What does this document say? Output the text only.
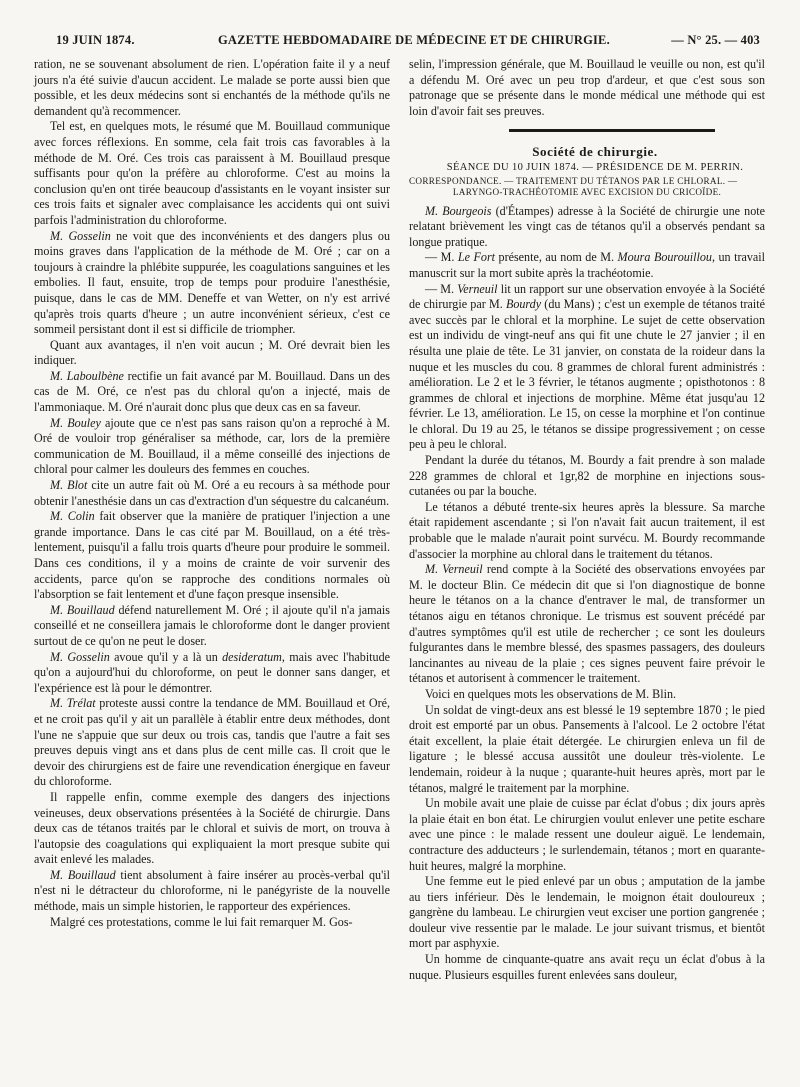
19 JUIN 1874.	GAZETTE HEBDOMADAIRE DE MÉDECINE ET DE CHIRURGIE.	— N° 25. — 403

ration, ne se souvenant absolument de rien. L'opération faite il y a neuf jours n'a été suivie d'aucun accident. Le malade se porte aussi bien que possible, et les deux médecins sont si enchantés de la méthode qu'ils ne demandent qu'à recommencer.

Tel est, en quelques mots, le résumé que M. Bouillaud communique avec forces réflexions. En somme, cela fait trois cas favorables à la méthode de M. Oré. Ces trois cas paraissent à M. Bouillaud presque suffisants pour qu'on la préfère au chloroforme. C'est au moins la conclusion qu'en ont tirée beaucoup d'assistants en le voyant insister sur ces trois faits et signaler avec complaisance les accidents qui ont suivi parfois l'administration du chloroforme.

M. Gosselin ne voit que des inconvénients et des dangers plus ou moins graves dans l'application de la méthode de M. Oré ; car on a toujours à craindre la phlébite suppurée, les coagulations sanguines et les embolies. Il faut, ensuite, trop de temps pour produire l'anesthésie, puisque, dans le cas de MM. Deneffe et van Wetter, on n'y est arrivé qu'après trois quarts d'heure ; un autre inconvénient sérieux, c'est ce sommeil persistant dont il est si difficile de triompher.

Quant aux avantages, il n'en voit aucun ; M. Oré devrait bien les indiquer.

M. Laboulbène rectifie un fait avancé par M. Bouillaud. Dans un des cas de M. Oré, ce n'est pas du chloral qu'on a injecté, mais de l'ammoniaque. M. Oré n'aurait donc plus que deux cas en sa faveur.

M. Bouley ajoute que ce n'est pas sans raison qu'on a reproché à M. Oré de vouloir trop généraliser sa méthode, car, lors de la première communication de M. Bouillaud, il a même conseillé des injections de chloral pour calmer les douleurs des femmes en couches.

M. Blot cite un autre fait où M. Oré a eu recours à sa méthode pour obtenir l'anesthésie dans un cas d'extraction d'un séquestre du calcanéum.

M. Colin fait observer que la manière de pratiquer l'injection a une grande importance. Dans le cas cité par M. Bouillaud, on a été très-lentement, puisqu'il a fallu trois quarts d'heure pour produire le sommeil. Dans ces conditions, il y a moins de crainte de voir survenir des accidents, parce qu'on se rapproche des conditions normales où l'absorption se fait lentement et d'une façon presque insensible.

M. Bouillaud défend naturellement M. Oré ; il ajoute qu'il n'a jamais conseillé et ne conseillera jamais le chloroforme dont le danger provient surtout de ce qu'on ne peut le doser.

M. Gosselin avoue qu'il y a là un desideratum, mais avec l'habitude qu'on a aujourd'hui du chloroforme, on peut le donner sans danger, et l'expérience est là pour le démontrer.

M. Trélat proteste aussi contre la tendance de MM. Bouillaud et Oré, et ne croit pas qu'il y ait un parallèle à établir entre deux méthodes, dont l'une ne s'appuie que sur deux ou trois cas, tandis que l'autre a fait ses preuves depuis vingt ans et dans plus de cent mille cas. Il croit que le devoir des chirurgiens est de faire une revendication énergique en faveur du chloroforme.

Il rappelle enfin, comme exemple des dangers des injections veineuses, deux observations présentées à la Société de chirurgie. Dans deux cas de tétanos traités par le chloral et suivis de mort, on trouva à l'autopsie des coagulations qui expliquaient la mort presque subite qui avait enlevé les malades.

M. Bouillaud tient absolument à faire insérer au procès-verbal qu'il n'est ni le détracteur du chloroforme, ni le panégyriste de la nouvelle méthode, mais un simple historien, le rapporteur des expériences.

Malgré ces protestations, comme le lui fait remarquer M. Gos-

selin, l'impression générale, que M. Bouillaud le veuille ou non, est qu'il a défendu M. Oré avec un peu trop d'ardeur, et que c'est sous son patronage que se présente dans le monde médical une méthode qui est loin d'avoir fait ses preuves.

Société de chirurgie.

SÉANCE DU 10 JUIN 1874. — PRÉSIDENCE DE M. PERRIN.

CORRESPONDANCE. — TRAITEMENT DU TÉTANOS PAR LE CHLORAL. —
LARYNGO-TRACHÉOTOMIE AVEC EXCISION DU CRICOÏDE.

M. Bourgeois (d'Étampes) adresse à la Société de chirurgie une note relatant brièvement les vingt cas de tétanos qu'il a observés pendant sa longue pratique.

— M. Le Fort présente, au nom de M. Moura Bourouillou, un travail manuscrit sur la mort subite après la trachéotomie.

— M. Verneuil lit un rapport sur une observation envoyée à la Société de chirurgie par M. Bourdy (du Mans) ; c'est un exemple de tétanos traité avec succès par le chloral et la morphine. Le sujet de cette observation est un individu de vingt-neuf ans qui fit une chute le 27 janvier ; il en résulta une plaie de tête. Le 31 janvier, on constata de la roideur dans la nuque et les muscles du cou. 8 grammes de chloral furent administrés : amélioration. Le 2 et le 3 février, le tétanos augmente ; opisthotonos : 8 grammes de chloral et injections de morphine. Même état jusqu'au 12 février. Le 13, amélioration. Le 15, on cesse la morphine et l'on continue le chloral. Du 19 au 25, le tétanos se dissipe progressivement ; on cesse peu à peu le chloral.

Pendant la durée du tétanos, M. Bourdy a fait prendre à son malade 228 grammes de chloral et 1gr,82 de morphine en injections sous-cutanées ou par la bouche.

Le tétanos a débuté trente-six heures après la blessure. Sa marche était rapidement ascendante ; si l'on n'avait fait aucun traitement, il est probable que le malade n'aurait point survécu. M. Bourdy recommande d'associer la morphine au chloral dans le traitement du tétanos.

M. Verneuil rend compte à la Société des observations envoyées par M. le docteur Blin. Ce médecin dit que si l'on diagnostique de bonne heure le tétanos on a la chance d'entraver le mal, de transformer un tétanos aigu en tétanos chronique. Le trismus est souvent précédé par d'autres symptômes qu'il est utile de rechercher ; ce sont les douleurs fulgurantes dans le membre blessé, des spasmes passagers, des douleurs lancinantes au niveau de la plaie ; ces signes peuvent faire prévoir le tétanos et autorisent à commencer le traitement.

Voici en quelques mots les observations de M. Blin.

Un soldat de vingt-deux ans est blessé le 19 septembre 1870 ; le pied droit est emporté par un obus. Pansements à l'alcool. Le 2 octobre l'état était excellent, la plaie était détergée. Le chirurgien enleva un fil de ligature ; le blessé accusa aussitôt une douleur très-violente. Le lendemain, roideur à la nuque ; quarante-huit heures après, mort par le tétanos, malgré le traitement par la morphine.

Un mobile avait une plaie de cuisse par éclat d'obus ; dix jours après la plaie était en bon état. Le chirurgien voulut enlever une petite eschare avec une pince : le malade ressent une douleur aiguë. Le lendemain, contracture des adducteurs ; le surlendemain, tétanos ; mort en quarante-huit heures, malgré la morphine.

Une femme eut le pied enlevé par un obus ; amputation de la jambe au tiers inférieur. Dès le lendemain, le moignon était douloureux ; gangrène du lambeau. Le chirurgien veut exciser une portion gangrenée ; douleur vive ressentie par le malade. Le jour suivant trismus, et bientôt mort par asphyxie.

Un homme de cinquante-quatre ans avait reçu un éclat d'obus à la nuque. Plusieurs esquilles furent enlevées sans douleur,
